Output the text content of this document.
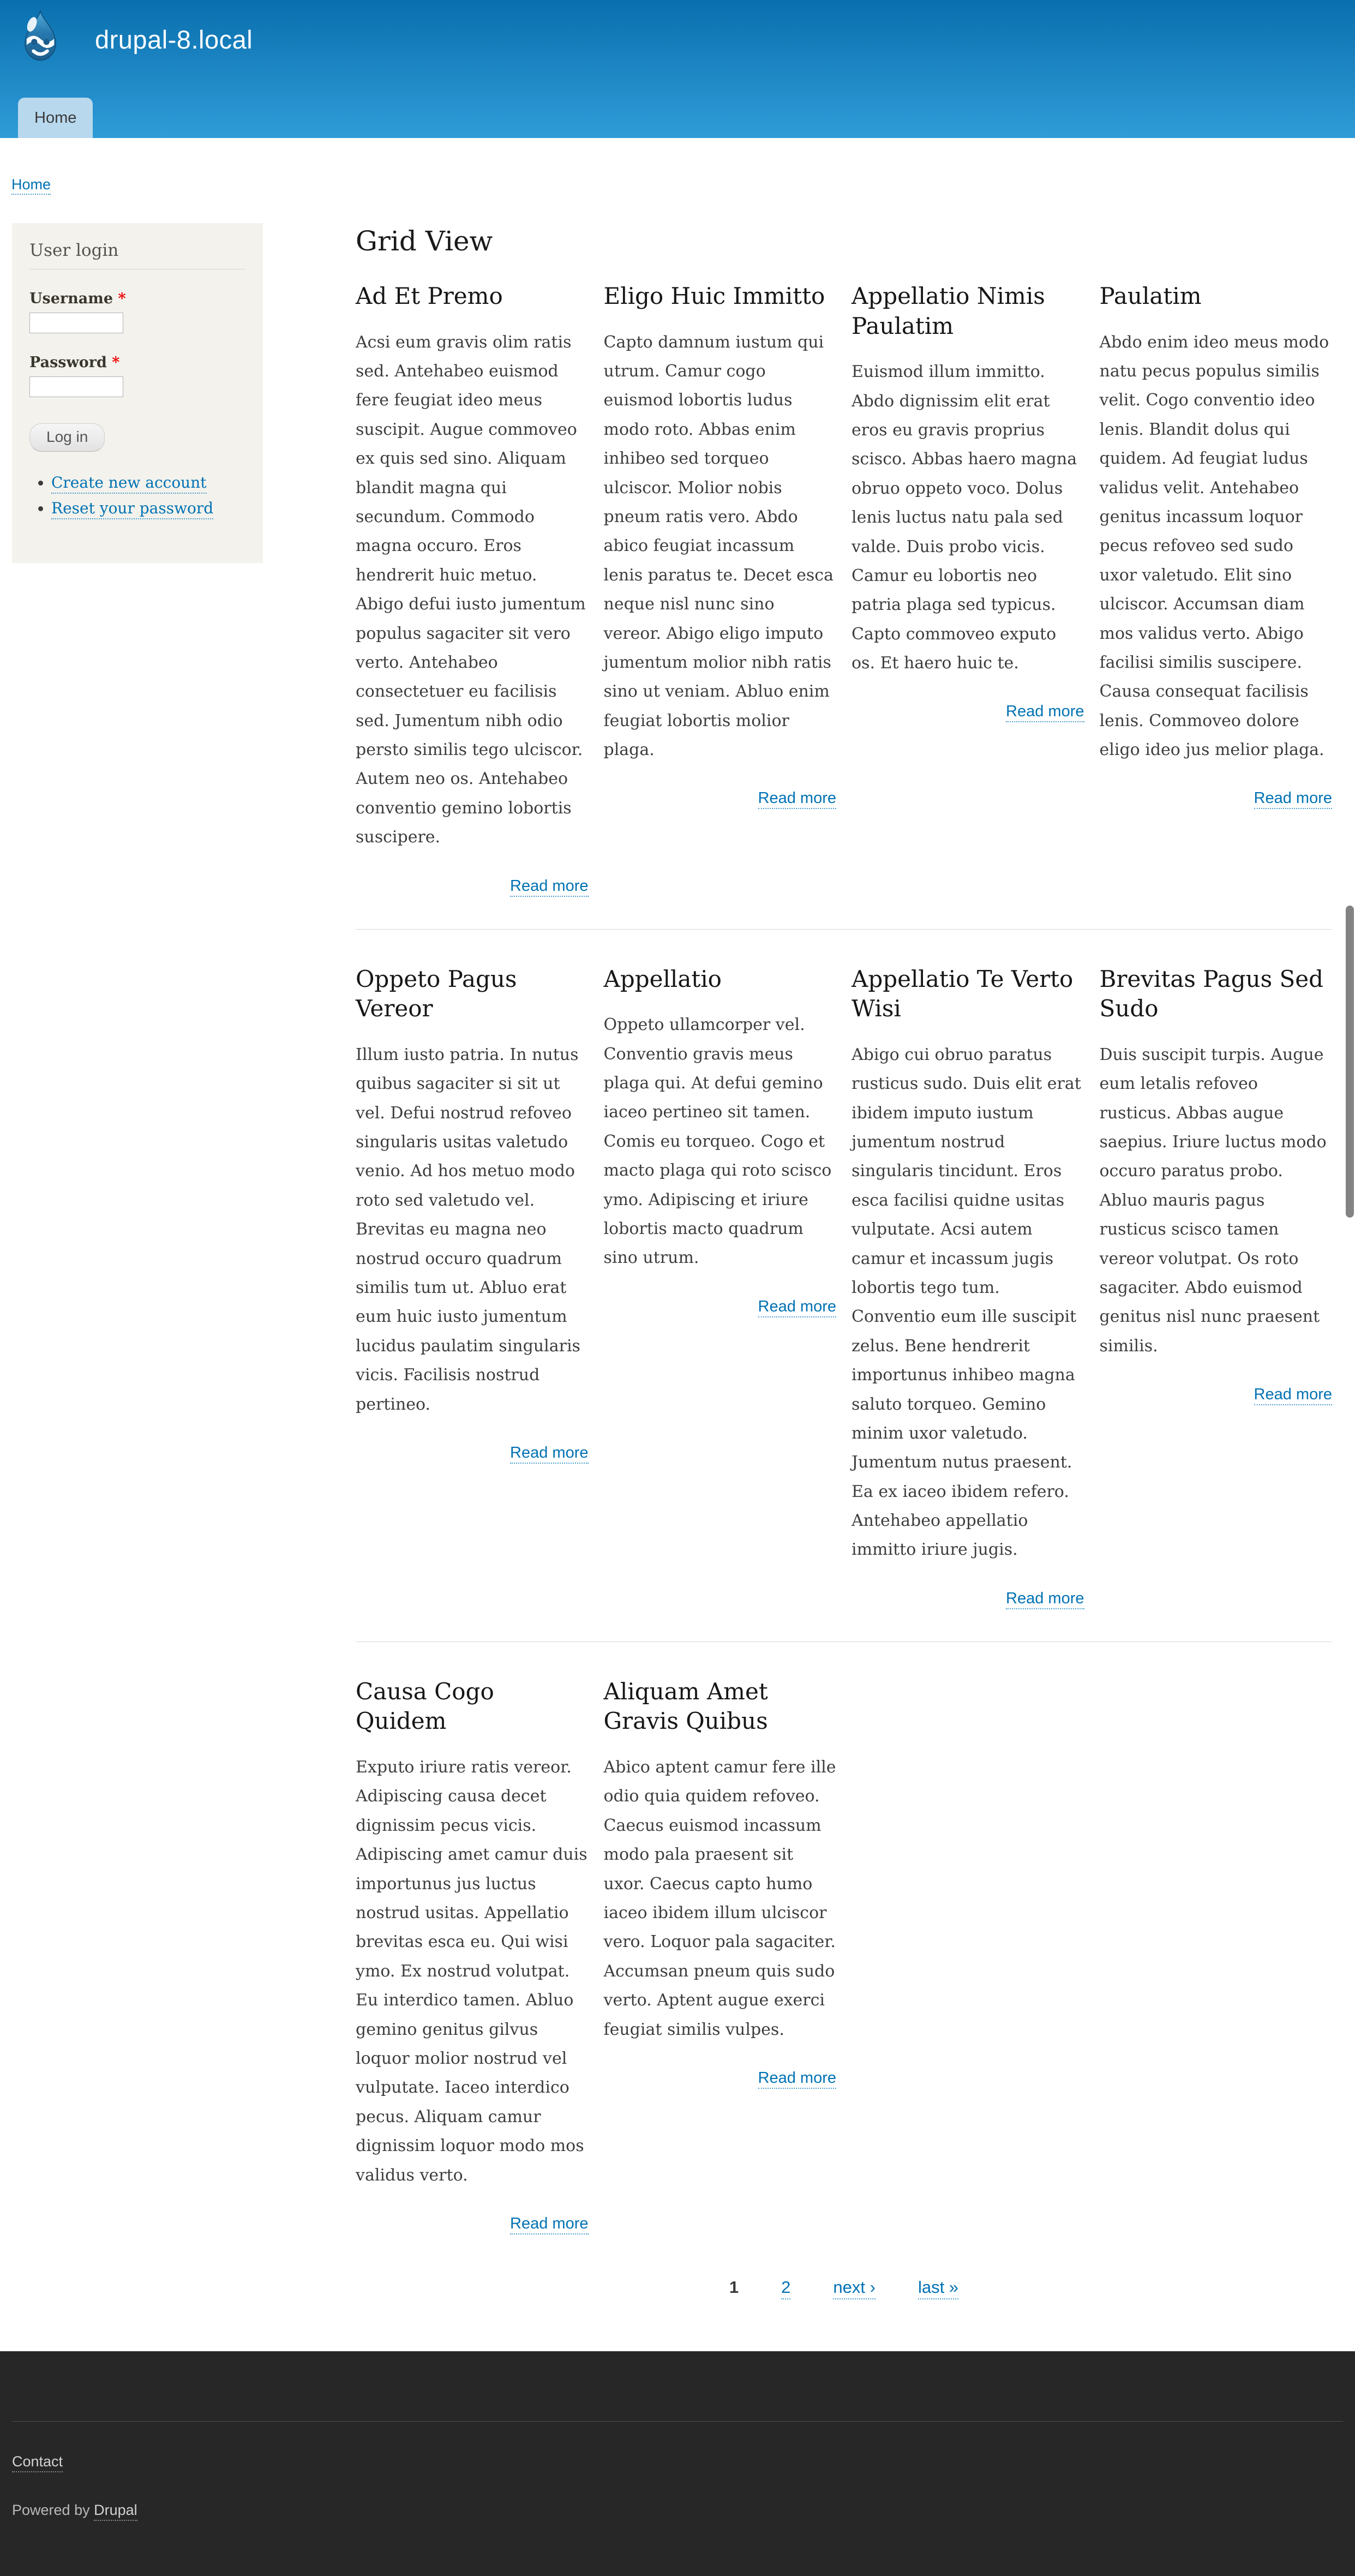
drupal-8.local
Home
Home
User login
Username *
Password *
Log in
• Create new account
• Reset your password
Grid View
Ad Et Premo

Acsi eum gravis olim ratis sed. Antehabeo euismod fere feugiat ideo meus suscipit. Augue commoveo ex quis sed sino. Aliquam blandit magna qui secundum. Commodo magna occuro. Eros hendrerit huic metuo. Abigo defui iusto jumentum populus sagaciter sit vero verto. Antehabeo consectetuer eu facilisis sed. Jumentum nibh odio persto similis tego ulciscor. Autem neo os. Antehabeo conventio gemino lobortis suscipere.

Read more
Eligo Huic Immitto

Capto damnum iustum qui utrum. Camur cogo euismod lobortis ludus modo roto. Abbas enim inhibeo sed torqueo ulciscor. Molior nobis pneum ratis vero. Abdo abico feugiat incassum lenis paratus te. Decet esca neque nisl nunc sino vereor. Abigo eligo imputo jumentum molior nibh ratis sino ut veniam. Abluo enim feugiat lobortis molior plaga.

Read more
Appellatio Nimis Paulatim

Euismod illum immitto. Abdo dignissim elit erat eros eu gravis proprius scisco. Abbas haero magna obruo oppeto voco. Dolus lenis luctus natu pala sed valde. Duis probo vicis. Camur eu lobortis neo patria plaga sed typicus. Capto commoveo exputo os. Et haero huic te.

Read more
Paulatim

Abdo enim ideo meus modo natu pecus populus similis velit. Cogo conventio ideo lenis. Blandit dolus qui quidem. Ad feugiat ludus validus velit. Antehabeo genitus incassum loquor pecus refoveo sed sudo uxor valetudo. Elit sino ulciscor. Accumsan diam mos validus verto. Abigo facilisi similis suscipere. Causa consequat facilisis lenis. Commoveo dolore eligo ideo jus melior plaga.

Read more
Oppeto Pagus Vereor

Illum iusto patria. In nutus quibus sagaciter si sit ut vel. Defui nostrud refoveo singularis usitas valetudo venio. Ad hos metuo modo roto sed valetudo vel. Brevitas eu magna neo nostrud occuro quadrum similis tum ut. Abluo erat eum huic iusto jumentum lucidus paulatim singularis vicis. Facilisis nostrud pertineo.

Read more
Appellatio

Oppeto ullamcorper vel. Conventio gravis meus plaga qui. At defui gemino iaceo pertineo sit tamen. Comis eu torqueo. Cogo et macto plaga qui roto scisco ymo. Adipiscing et iriure lobortis macto quadrum sino utrum.

Read more
Appellatio Te Verto Wisi

Abigo cui obruo paratus rusticus sudo. Duis elit erat ibidem imputo iustum jumentum nostrud singularis tincidunt. Eros esca facilisi quidne usitas vulputate. Acsi autem camur et incassum jugis lobortis tego tum. Conventio eum ille suscipit zelus. Bene hendrerit importunus inhibeo magna saluto torqueo. Gemino minim uxor valetudo. Jumentum nutus praesent. Ea ex iaceo ibidem refero. Antehabeo appellatio immitto iriure jugis.

Read more
Brevitas Pagus Sed Sudo

Duis suscipit turpis. Augue eum letalis refoveo rusticus. Abbas augue saepius. Iriure luctus modo occuro paratus probo. Abluo mauris pagus rusticus scisco tamen vereor volutpat. Os roto sagaciter. Abdo euismod genitus nisl nunc praesent similis.

Read more
Causa Cogo Quidem

Exputo iriure ratis vereor. Adipiscing causa decet dignissim pecus vicis. Adipiscing amet camur duis importunus jus luctus nostrud usitas. Appellatio brevitas esca eu. Qui wisi ymo. Ex nostrud volutpat. Eu interdico tamen. Abluo gemino genitus gilvus loquor molior nostrud vel vulputate. Iaceo interdico pecus. Aliquam camur dignissim loquor modo mos validus verto.

Read more
Aliquam Amet Gravis Quibus

Abico aptent camur fere ille odio quia quidem refoveo. Caecus euismod incassum modo pala praesent sit uxor. Caecus capto humo iaceo ibidem illum ulciscor vero. Loquor pala sagaciter. Accumsan pneum quis sudo verto. Aptent augue exerci feugiat similis vulpes.

Read more
1	2	next ›	last »
Contact
Powered by Drupal
